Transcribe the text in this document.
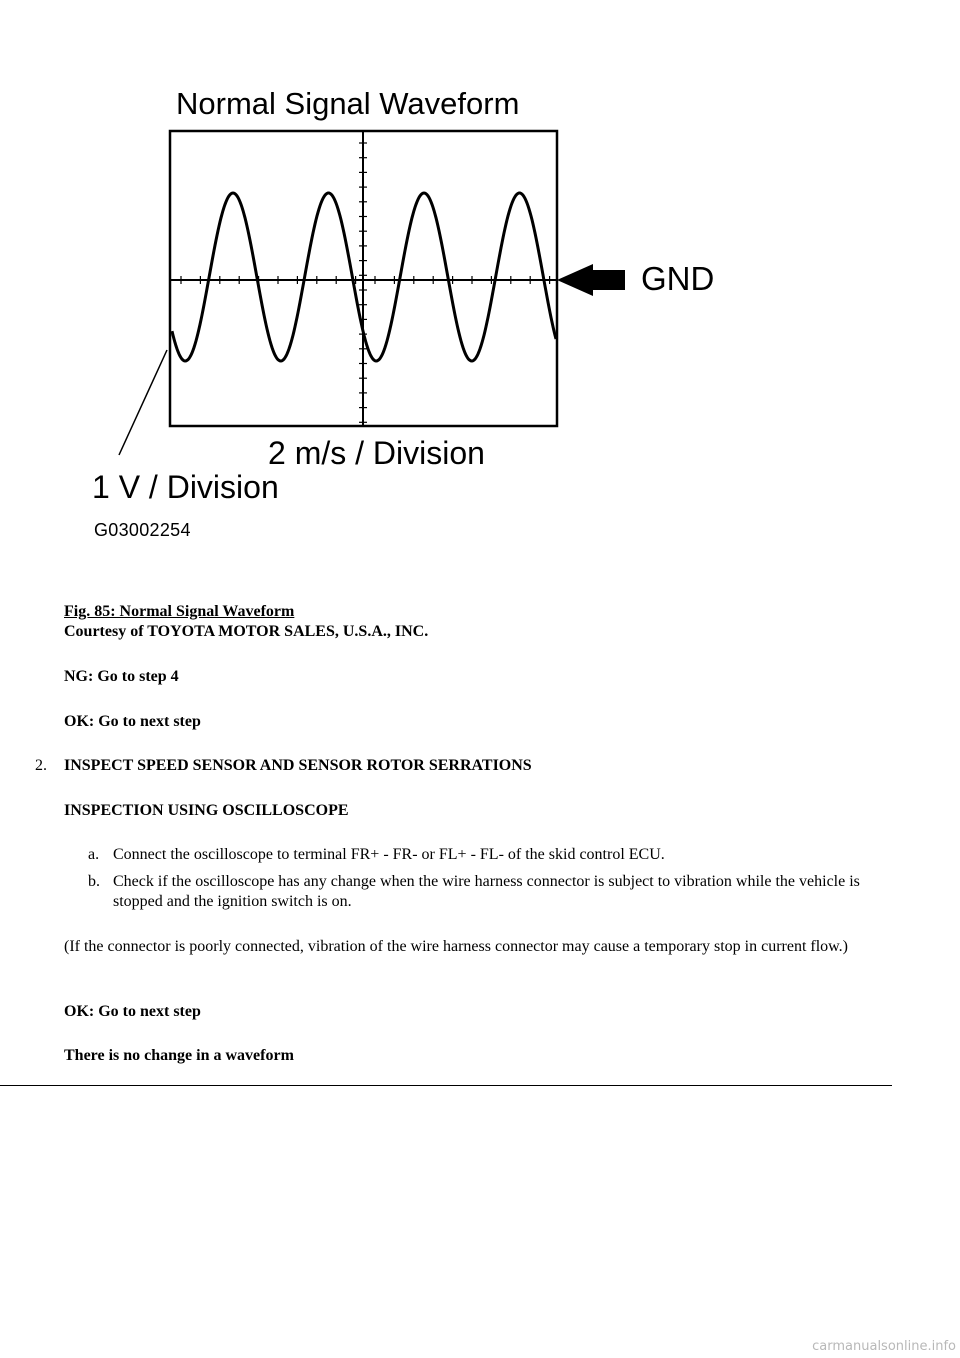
Normal Signal Waveform
GND
2 m/s / Division
1 V / Division
G03002254
Fig. 85: Normal Signal Waveform
Courtesy of TOYOTA MOTOR SALES, U.S.A., INC.
NG: Go to step 4
OK: Go to next step
2. INSPECT SPEED SENSOR AND SENSOR ROTOR SERRATIONS
INSPECTION USING OSCILLOSCOPE
a. Connect the oscilloscope to terminal FR+ - FR- or FL+ - FL- of the skid control ECU.
b. Check if the oscilloscope has any change when the wire harness connector is subject to vibration while the vehicle is stopped and the ignition switch is on.
(If the connector is poorly connected, vibration of the wire harness connector may cause a temporary stop in current flow.)
OK: Go to next step
There is no change in a waveform
carmanualsonline.info
